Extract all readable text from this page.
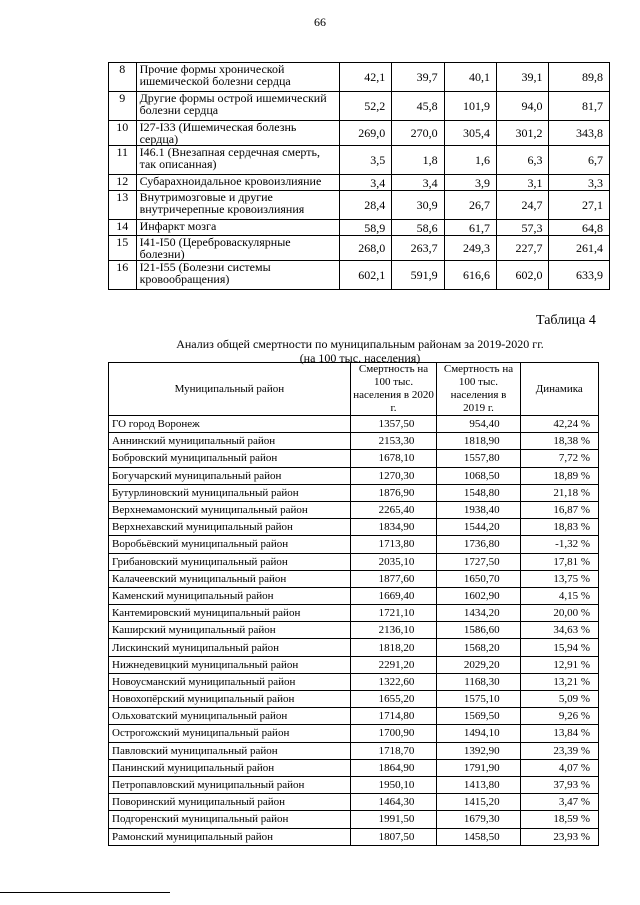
66
8	Прочие формы хронической ишемической болезни сердца	42,1	39,7	40,1	39,1	89,8
9	Другие формы острой ишемический болезни сердца	52,2	45,8	101,9	94,0	81,7
10	I27-I33 (Ишемическая болезнь сердца)	269,0	270,0	305,4	301,2	343,8
11	I46.1 (Внезапная сердечная смерть, так описанная)	3,5	1,8	1,6	6,3	6,7
12	Субарахноидальное кровоизлияние	3,4	3,4	3,9	3,1	3,3
13	Внутримозговые и другие внутричерепные кровоизлияния	28,4	30,9	26,7	24,7	27,1
14	Инфаркт мозга	58,9	58,6	61,7	57,3	64,8
15	I41-I50 (Цереброваскулярные болезни)	268,0	263,7	249,3	227,7	261,4
16	I21-I55 (Болезни системы кровообращения)	602,1	591,9	616,6	602,0	633,9
Таблица 4
Анализ общей смертности по муниципальным районам за 2019-2020 гг.
(на 100 тыс. населения)
Муниципальный район	Смертность на 100 тыс. населения в 2020 г.	Смертность на 100 тыс. населения в 2019 г.	Динамика
ГО город Воронеж	1357,50	954,40	42,24 %
Аннинский муниципальный район	2153,30	1818,90	18,38 %
Бобровский муниципальный район	1678,10	1557,80	7,72 %
Богучарский муниципальный район	1270,30	1068,50	18,89 %
Бутурлиновский муниципальный район	1876,90	1548,80	21,18 %
Верхнемамонский муниципальный район	2265,40	1938,40	16,87 %
Верхнехавский муниципальный район	1834,90	1544,20	18,83 %
Воробьёвский муниципальный район	1713,80	1736,80	-1,32 %
Грибановский муниципальный район	2035,10	1727,50	17,81 %
Калачеевский муниципальный район	1877,60	1650,70	13,75 %
Каменский муниципальный район	1669,40	1602,90	4,15 %
Кантемировский муниципальный район	1721,10	1434,20	20,00 %
Каширский муниципальный район	2136,10	1586,60	34,63 %
Лискинский муниципальный район	1818,20	1568,20	15,94 %
Нижнедевицкий муниципальный район	2291,20	2029,20	12,91 %
Новоусманский муниципальный район	1322,60	1168,30	13,21 %
Новохопёрский муниципальный район	1655,20	1575,10	5,09 %
Ольховатский муниципальный район	1714,80	1569,50	9,26 %
Острогожский муниципальный район	1700,90	1494,10	13,84 %
Павловский муниципальный район	1718,70	1392,90	23,39 %
Панинский муниципальный район	1864,90	1791,90	4,07 %
Петропавловский муниципальный район	1950,10	1413,80	37,93 %
Поворинский муниципальный район	1464,30	1415,20	3,47 %
Подгоренский муниципальный район	1991,50	1679,30	18,59 %
Рамонский муниципальный район	1807,50	1458,50	23,93 %
